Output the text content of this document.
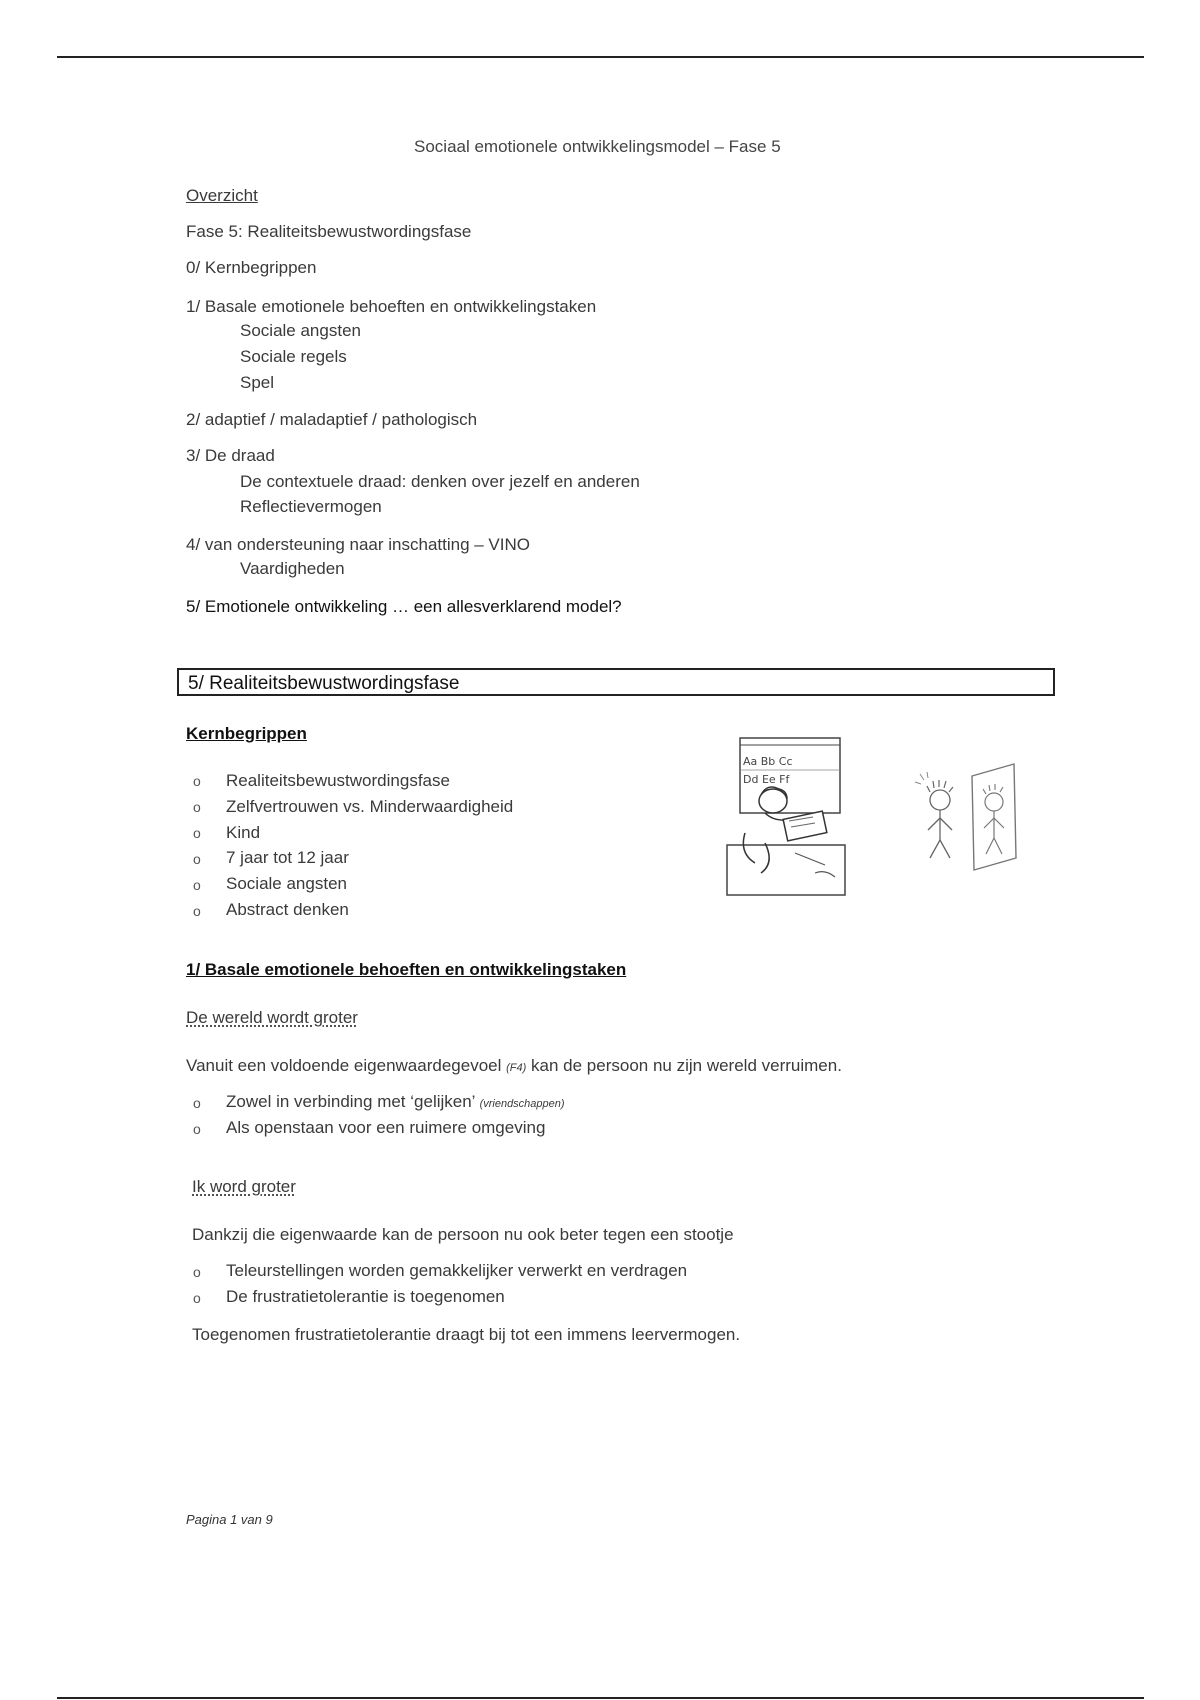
Sociaal emotionele ontwikkelingsmodel – Fase 5
Overzicht
Fase 5: Realiteitsbewustwordingsfase
0/ Kernbegrippen
1/ Basale emotionele behoeften en ontwikkelingstaken
Sociale angsten
Sociale regels
Spel
2/ adaptief / maladaptief / pathologisch
3/ De draad
De contextuele draad: denken over jezelf en anderen
Reflectievermogen
4/ van ondersteuning naar inschatting – VINO
Vaardigheden
5/ Emotionele ontwikkeling … een allesverklarend model?
5/ Realiteitsbewustwordingsfase
Kernbegrippen
o Realiteitsbewustwordingsfase
o Zelfvertrouwen vs. Minderwaardigheid
o Kind
o 7 jaar tot 12 jaar
o Sociale angsten
o Abstract denken
Aa Bb Cc
Dd Ee Ff
1/ Basale emotionele behoeften en ontwikkelingstaken
De wereld wordt groter
Vanuit een voldoende eigenwaardegevoel (F4) kan de persoon nu zijn wereld verruimen.
o Zowel in verbinding met ‘gelijken’ (vriendschappen)
o Als openstaan voor een ruimere omgeving
Ik word groter
Dankzij die eigenwaarde kan de persoon nu ook beter tegen een stootje
o Teleurstellingen worden gemakkelijker verwerkt en verdragen
o De frustratietolerantie is toegenomen
Toegenomen frustratietolerantie draagt bij tot een immens leervermogen.
Pagina 1 van 9
